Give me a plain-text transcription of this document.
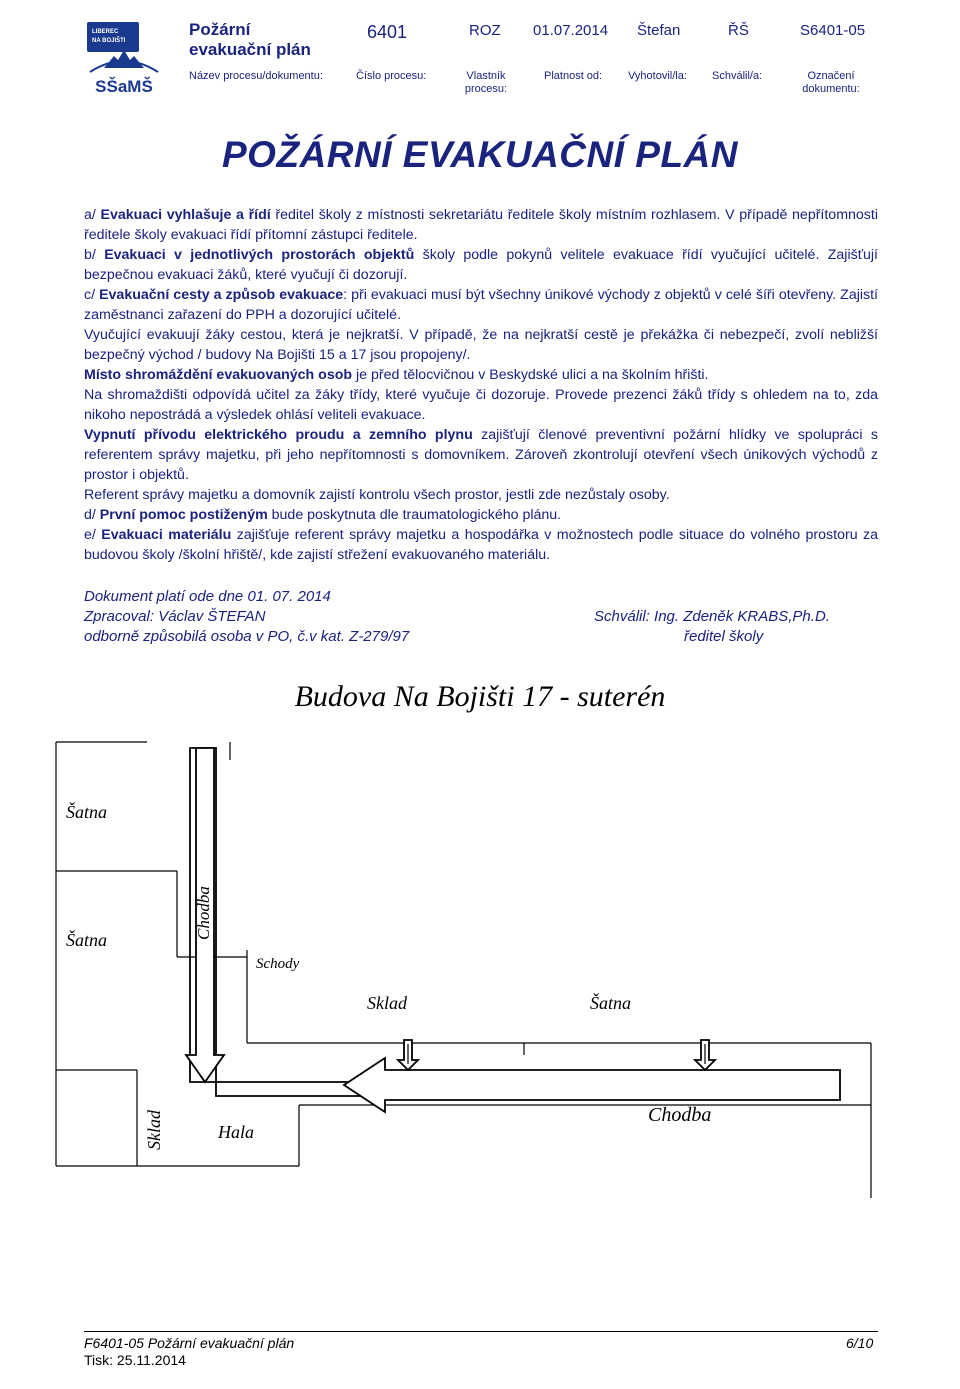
LIBEREC
NA BOJIŠTI
SŠaMŠ
Požární
evakuační plán
6401	ROZ 01.07.2014 Štefan	ŘŠ	S6401-05
Název procesu/dokumentu:	Číslo procesu:	Vlastník
procesu:
Platnost od: Vyhotovil/la: Schválil/a:	Označení
dokumentu:
POŽÁRNÍ EVAKUAČNÍ PLÁN

a/ Evakuaci vyhlašuje a řídí ředitel školy z místnosti sekretariátu ředitele školy místním rozhlasem. V případě nepřítomnosti ředitele školy evakuaci řídí přítomní zástupci ředitele.

b/ Evakuaci v jednotlivých prostorách objektů školy podle pokynů velitele evakuace řídí vyučující učitelé. Zajišťují bezpečnou evakuaci žáků, které vyučují či dozorují.

c/ Evakuační cesty a způsob evakuace: při evakuaci musí být všechny únikové východy z objektů v celé šíři otevřeny. Zajistí zaměstnanci zařazení do PPH a dozorující učitelé.

Vyučující evakuují žáky cestou, která je nejkratší. V případě, že na nejkratší cestě je překážka či nebezpečí, zvolí nebližší bezpečný východ / budovy Na Bojišti 15 a 17 jsou propojeny/.

Místo shromáždění evakuovaných osob je před tělocvičnou v Beskydské ulici a na školním hřišti.

Na shromaždišti odpovídá učitel za žáky třídy, které vyučuje či dozoruje. Provede prezenci žáků třídy s ohledem na to, zda nikoho nepostrádá a výsledek ohlásí veliteli evakuace.

Vypnutí přívodu elektrického proudu a zemního plynu zajišťují členové preventivní požární hlídky ve spolupráci s referentem správy majetku, při jeho nepřítomnosti s domovníkem. Zároveň zkontrolují otevření všech únikových východů z prostor i objektů.

Referent správy majetku a domovník zajistí kontrolu všech prostor, jestli zde nezůstaly osoby.

d/ První pomoc postiženým bude poskytnuta dle traumatologického plánu.

e/ Evakuaci materiálu zajišťuje referent správy majetku a hospodářka v možnostech podle situace do volného prostoru za budovou školy /školní hřiště/, kde zajistí střežení evakuovaného materiálu.

Dokument platí ode dne 01. 07. 2014
Zpracoval: Václav ŠTEFAN
odborně způsobilá osoba v PO, č.v kat. Z-279/97
Schválil: Ing. Zdeněk KRABS,Ph.D.
ředitel školy
Budova Na Bojišti 17 - suterén
Chodba
Sklad
Šatna
Šatna
Schody
Sklad	Šatna
Hala
Chodba
F6401-05 Požární evakuační plán	6/10
Tisk: 25.11.2014
